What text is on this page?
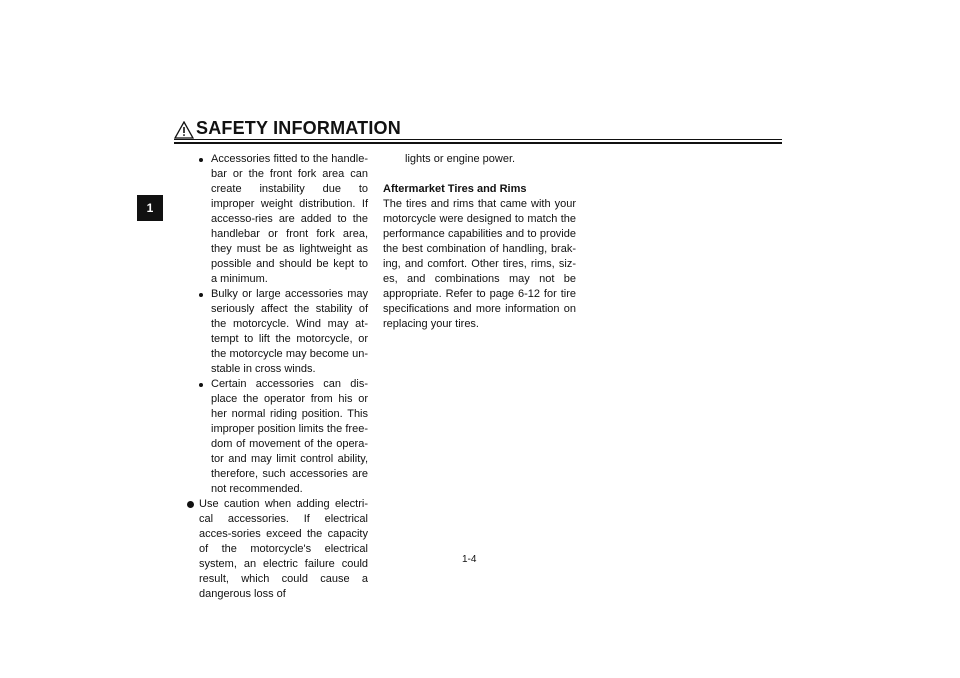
SAFETY INFORMATION
1

Accessories fitted to the handle-bar or the front fork area can create instability due to improper weight distribution. If accesso-ries are added to the handlebar or front fork area, they must be as lightweight as possible and should be kept to a minimum.

Bulky or large accessories may seriously affect the stability of the motorcycle. Wind may at-tempt to lift the motorcycle, or the motorcycle may become un-stable in cross winds.

Certain accessories can dis-place the operator from his or her normal riding position. This improper position limits the free-dom of movement of the opera-tor and may limit control ability, therefore, such accessories are not recommended.

Use caution when adding electri-cal accessories. If electrical acces-sories exceed the capacity of the motorcycle's electrical system, an electric failure could result, which could cause a dangerous loss of

lights or engine power.

Aftermarket Tires and Rims

The tires and rims that came with your motorcycle were designed to match the performance capabilities and to provide the best combination of handling, brak-ing, and comfort. Other tires, rims, siz-es, and combinations may not be appropriate. Refer to page 6-12 for tire specifications and more information on replacing your tires.

1-4
